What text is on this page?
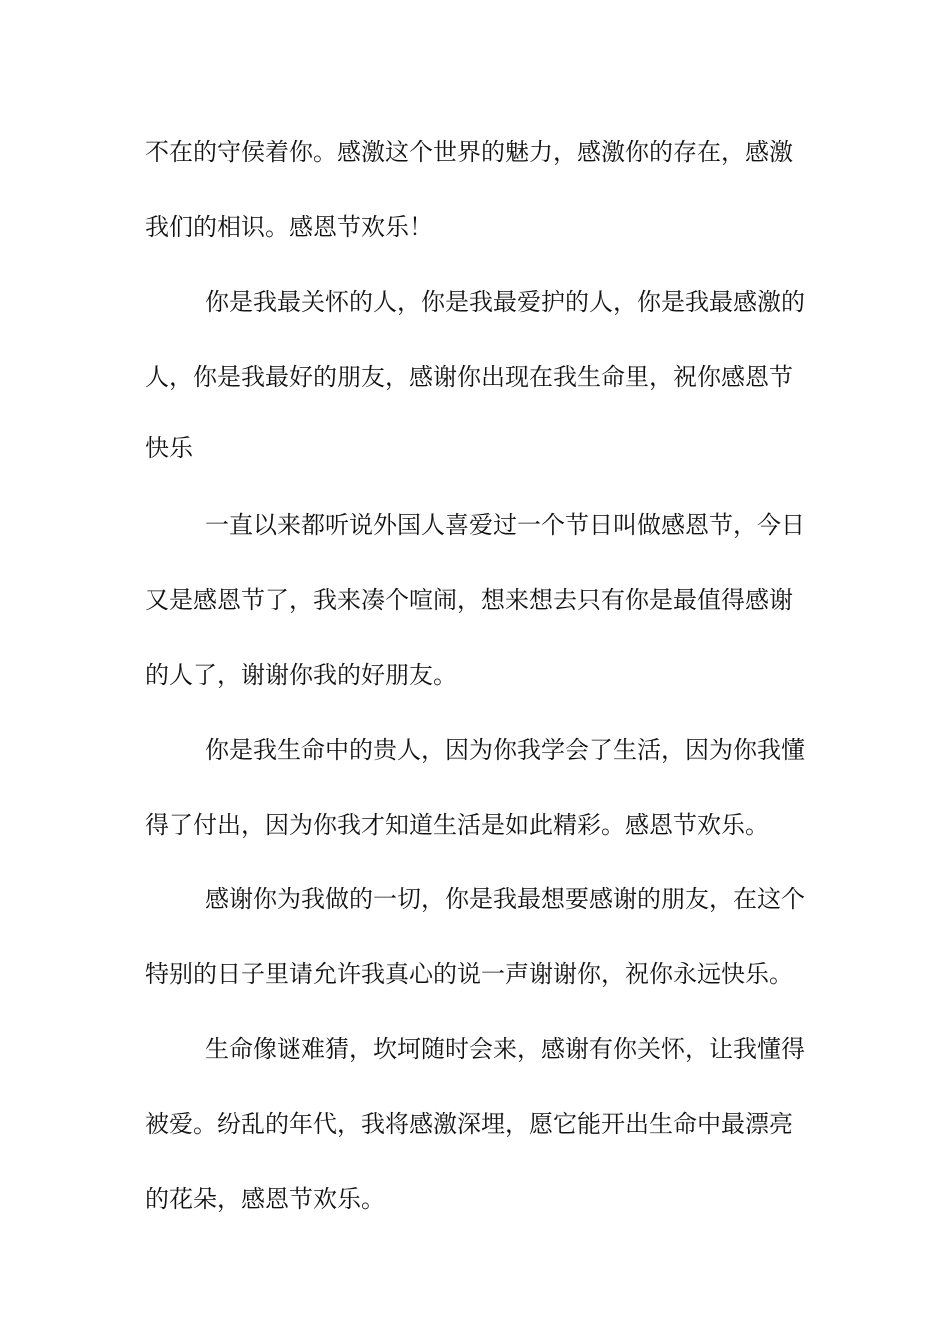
不在的守侯着你。感激这个世界的魅力，感激你的存在，感激
我们的相识。感恩节欢乐！
你是我最关怀的人，你是我最爱护的人，你是我最感激的
人，你是我最好的朋友，感谢你出现在我生命里，祝你感恩节
快乐
一直以来都听说外国人喜爱过一个节日叫做感恩节，今日
又是感恩节了，我来凑个喧闹，想来想去只有你是最值得感谢
的人了，谢谢你我的好朋友。
你是我生命中的贵人，因为你我学会了生活，因为你我懂
得了付出，因为你我才知道生活是如此精彩。感恩节欢乐。
感谢你为我做的一切，你是我最想要感谢的朋友，在这个
特别的日子里请允许我真心的说一声谢谢你，祝你永远快乐。
生命像谜难猜，坎坷随时会来，感谢有你关怀，让我懂得
被爱。纷乱的年代，我将感激深埋，愿它能开出生命中最漂亮
的花朵，感恩节欢乐。
